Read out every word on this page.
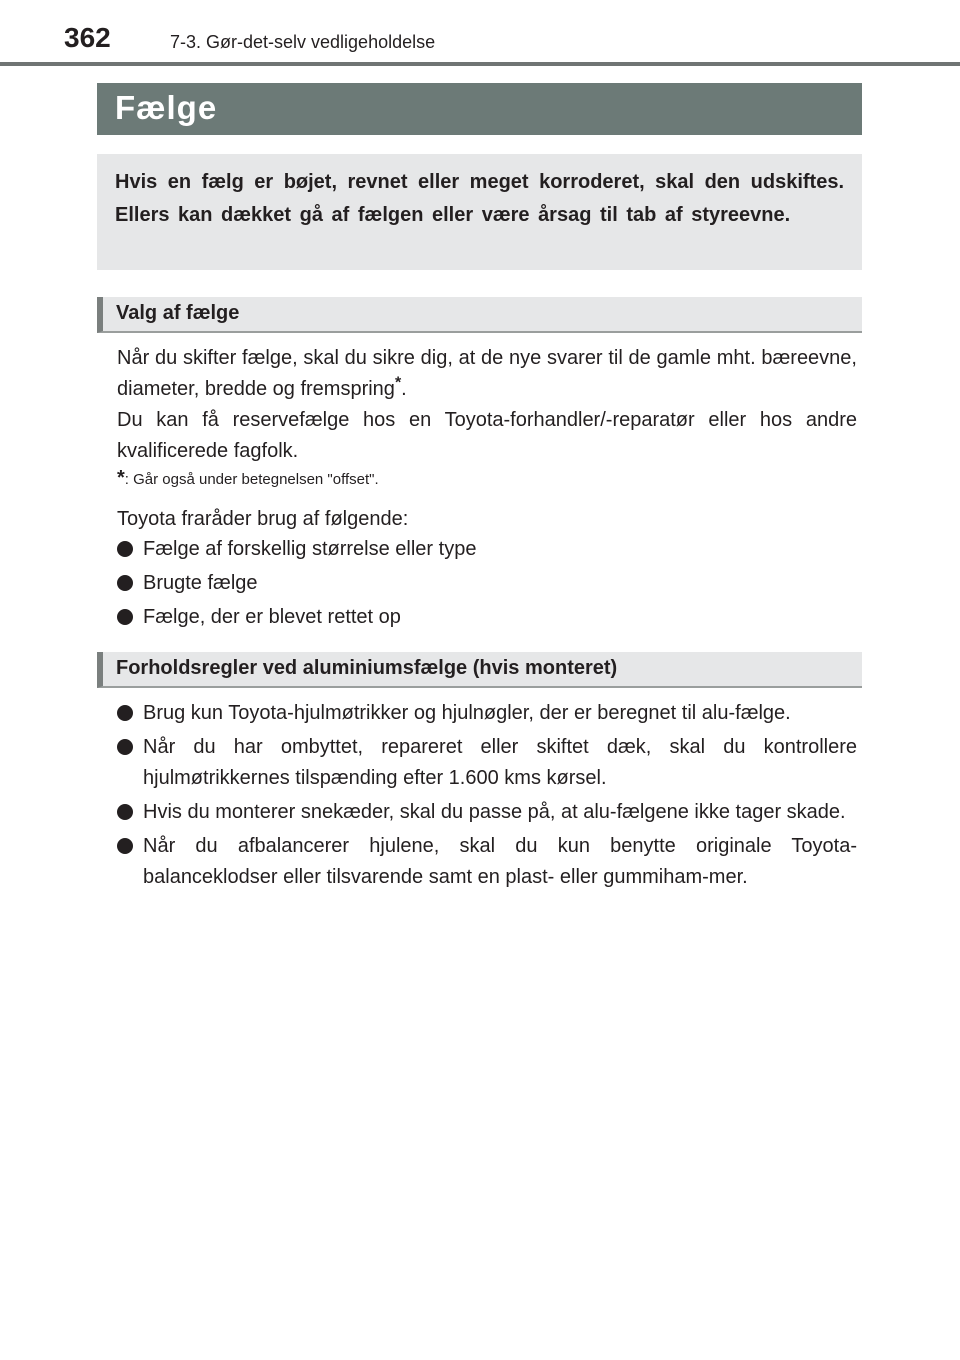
362	7-3. Gør-det-selv vedligeholdelse
Fælge
Hvis en fælg er bøjet, revnet eller meget korroderet, skal den udskiftes. Ellers kan dækket gå af fælgen eller være årsag til tab af styreevne.
Valg af fælge

Når du skifter fælge, skal du sikre dig, at de nye svarer til de gamle mht. bæreevne, diameter, bredde og fremspring*.

Du kan få reservefælge hos en Toyota-forhandler/-reparatør eller hos andre kvalificerede fagfolk.

*: Går også under betegnelsen "offset".

Toyota fraråder brug af følgende:
Fælge af forskellig størrelse eller type
Brugte fælge
Fælge, der er blevet rettet op
Forholdsregler ved aluminiumsfælge (hvis monteret)
Brug kun Toyota-hjulmøtrikker og hjulnøgler, der er beregnet til alu-fælge.
Når du har ombyttet, repareret eller skiftet dæk, skal du kontrollere hjulmøtrikkernes tilspænding efter 1.600 kms kørsel.
Hvis du monterer snekæder, skal du passe på, at alu-fælgene ikke tager skade.
Når du afbalancerer hjulene, skal du kun benytte originale Toyota-balanceklodser eller tilsvarende samt en plast- eller gummiham-mer.
